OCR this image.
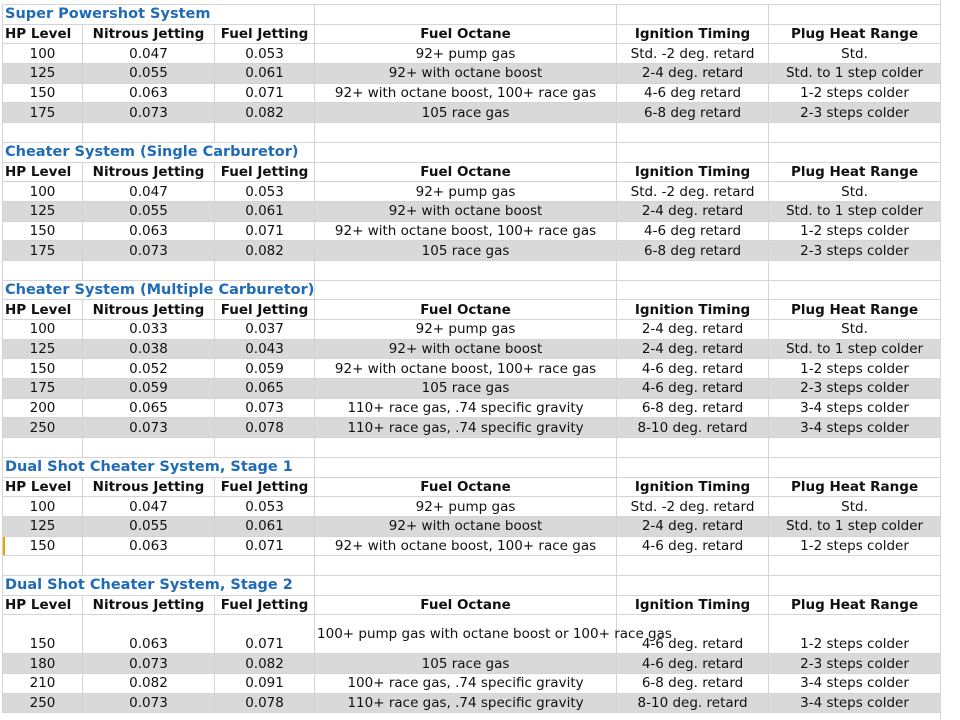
Super Powershot System					
HP Level	Nitrous Jetting	Fuel Jetting	Fuel Octane	Ignition Timing	Plug Heat Range
100	0.047	0.053	92+ pump gas	Std. -2 deg. retard	Std.
125	0.055	0.061	92+ with octane boost	2-4 deg. retard	Std. to 1 step colder
150	0.063	0.071	92+ with octane boost, 100+ race gas	4-6 deg retard	1-2 steps colder
175	0.073	0.082	105 race gas	6-8 deg retard	2-3 steps colder

Cheater System (Single Carburetor)					
HP Level	Nitrous Jetting	Fuel Jetting	Fuel Octane	Ignition Timing	Plug Heat Range
100	0.047	0.053	92+ pump gas	Std. -2 deg. retard	Std.
125	0.055	0.061	92+ with octane boost	2-4 deg. retard	Std. to 1 step colder
150	0.063	0.071	92+ with octane boost, 100+ race gas	4-6 deg retard	1-2 steps colder
175	0.073	0.082	105 race gas	6-8 deg retard	2-3 steps colder

Cheater System (Multiple Carburetor)					
HP Level	Nitrous Jetting	Fuel Jetting	Fuel Octane	Ignition Timing	Plug Heat Range
100	0.033	0.037	92+ pump gas	2-4 deg. retard	Std.
125	0.038	0.043	92+ with octane boost	2-4 deg. retard	Std. to 1 step colder
150	0.052	0.059	92+ with octane boost, 100+ race gas	4-6 deg. retard	1-2 steps colder
175	0.059	0.065	105 race gas	4-6 deg. retard	2-3 steps colder
200	0.065	0.073	110+ race gas, .74 specific gravity	6-8 deg. retard	3-4 steps colder
250	0.073	0.078	110+ race gas, .74 specific gravity	8-10 deg. retard	3-4 steps colder

Dual Shot Cheater System, Stage 1					
HP Level	Nitrous Jetting	Fuel Jetting	Fuel Octane	Ignition Timing	Plug Heat Range
100	0.047	0.053	92+ pump gas	Std. -2 deg. retard	Std.
125	0.055	0.061	92+ with octane boost	2-4 deg. retard	Std. to 1 step colder
150	0.063	0.071	92+ with octane boost, 100+ race gas	4-6 deg. retard	1-2 steps colder

Dual Shot Cheater System, Stage 2					
HP Level	Nitrous Jetting	Fuel Jetting	Fuel Octane	Ignition Timing	Plug Heat Range
150	0.063	0.071	100+ pump gas with octane boost or 100+ race gas	4-6 deg. retard	1-2 steps colder
180	0.073	0.082	105 race gas	4-6 deg. retard	2-3 steps colder
210	0.082	0.091	100+ race gas, .74 specific gravity	6-8 deg. retard	3-4 steps colder
250	0.073	0.078	110+ race gas, .74 specific gravity	8-10 deg. retard	3-4 steps colder
